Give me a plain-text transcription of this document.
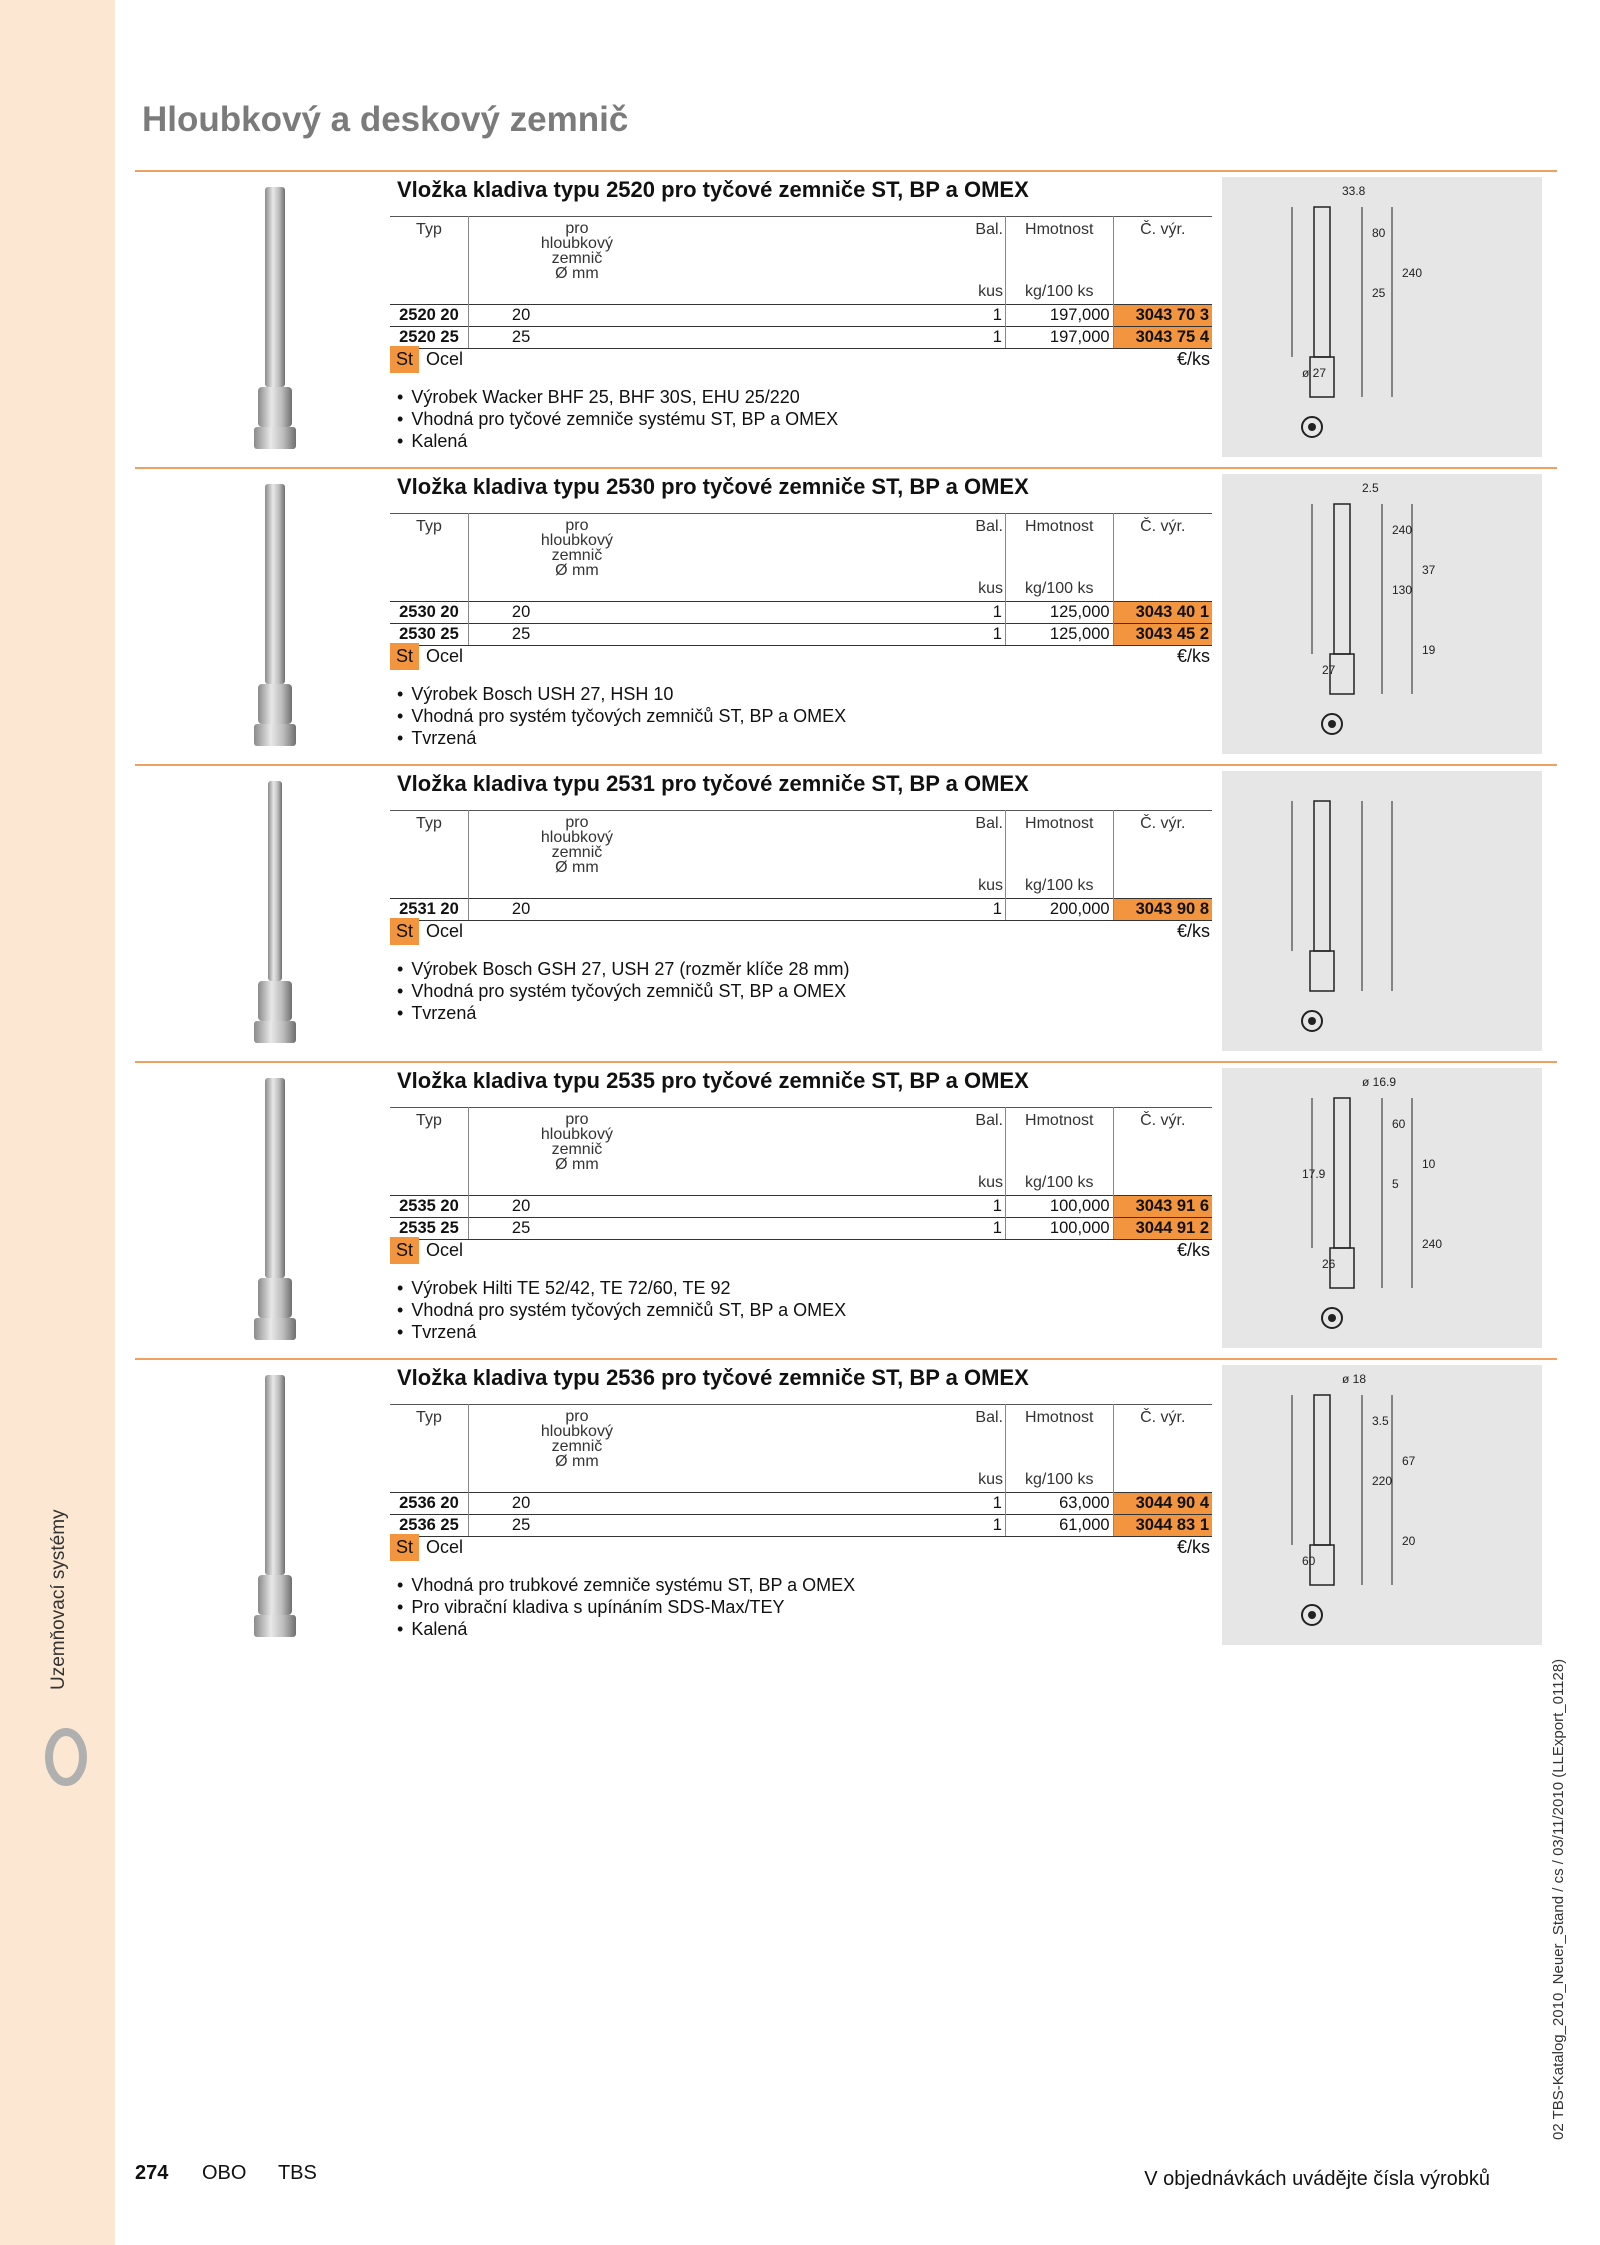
Uzemňovací systémy
Hloubkový a deskový zemnič
Vložka kladiva typu 2520 pro tyčové zemniče ST, BP a OMEX
Typ	pro
hloubkový
zemnič
Ø mm	Bal.	Hmotnost	Č. výr.
		kus	kg/100 ks	
2520 20	20	1	197,000	3043 70 3
2520 25	25	1	197,000	3043 75 4
St Ocel	€/ks
• Výrobek Wacker BHF 25, BHF 30S, EHU 25/220
• Vhodná pro tyčové zemniče systému ST, BP a OMEX
• Kalená
33.8
80
25
240
ø 27
Vložka kladiva typu 2530 pro tyčové zemniče ST, BP a OMEX
Typ	pro
hloubkový
zemnič
Ø mm	Bal.	Hmotnost	Č. výr.
		kus	kg/100 ks	
2530 20	20	1	125,000	3043 40 1
2530 25	25	1	125,000	3043 45 2
St Ocel	€/ks
• Výrobek Bosch USH 27, HSH 10
• Vhodná pro systém tyčových zemničů ST, BP a OMEX
• Tvrzená
2.5
240
130
37
27
19
Vložka kladiva typu 2531 pro tyčové zemniče ST, BP a OMEX
Typ	pro
hloubkový
zemnič
Ø mm	Bal.	Hmotnost	Č. výr.
		kus	kg/100 ks	
2531 20	20	1	200,000	3043 90 8
St Ocel	€/ks
• Výrobek Bosch GSH 27, USH 27 (rozměr klíče 28 mm)
• Vhodná pro systém tyčových zemničů ST, BP a OMEX
• Tvrzená
Vložka kladiva typu 2535 pro tyčové zemniče ST, BP a OMEX
Typ	pro
hloubkový
zemnič
Ø mm	Bal.	Hmotnost	Č. výr.
		kus	kg/100 ks	
2535 20	20	1	100,000	3043 91 6
2535 25	25	1	100,000	3044 91 2
St Ocel	€/ks
• Výrobek Hilti TE 52/42, TE 72/60, TE 92
• Vhodná pro systém tyčových zemničů ST, BP a OMEX
• Tvrzená
ø 16.9
60
5
10
26
240
17.9
Vložka kladiva typu 2536 pro tyčové zemniče ST, BP a OMEX
Typ	pro
hloubkový
zemnič
Ø mm	Bal.	Hmotnost	Č. výr.
		kus	kg/100 ks	
2536 20	20	1	63,000	3044 90 4
2536 25	25	1	61,000	3044 83 1
St Ocel	€/ks
• Vhodná pro trubkové zemniče systému ST, BP a OMEX
• Pro vibrační kladiva s upínáním SDS-Max/TEY
• Kalená
ø 18
3.5
220
67
60
20
274 OBO TBS	V objednávkách uvádějte čísla výrobků
02 TBS-Katalog_2010_Neuer_Stand / cs / 03/11/2010 (LLExport_01128)
